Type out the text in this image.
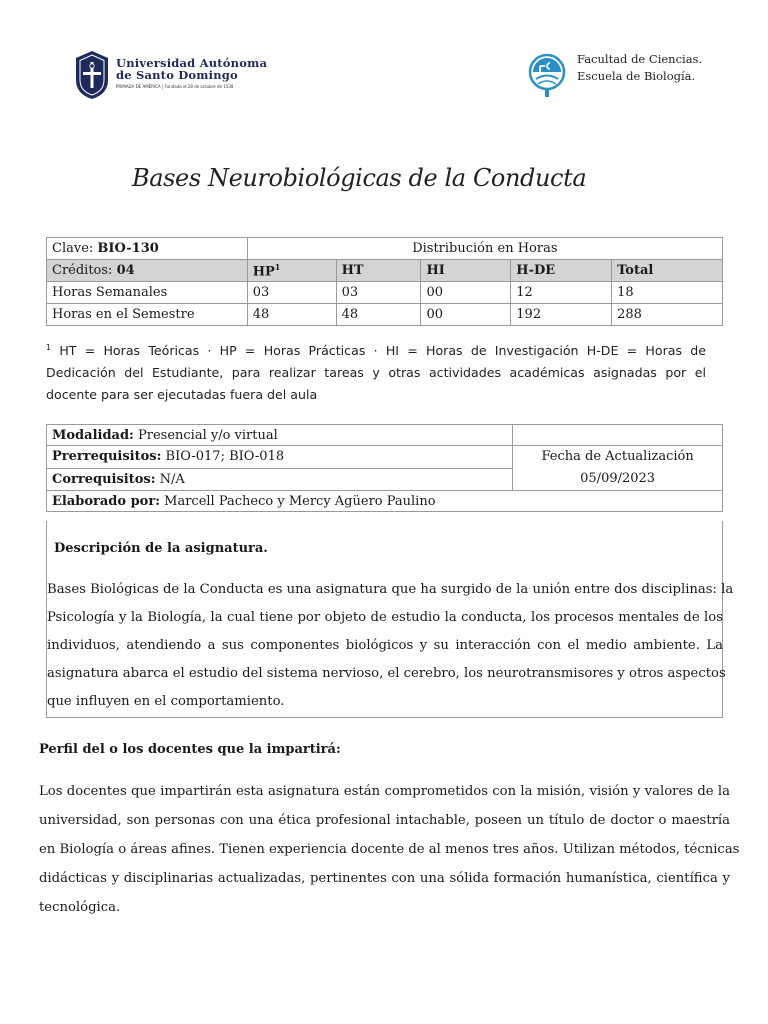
Universidad Autónoma
de Santo Domingo
PRIMADA DE AMÉRICA | Fundada el 28 de octubre de 1538
Facultad de Ciencias.
Escuela de Biología.
Bases Neurobiológicas de la Conducta
Clave: BIO-130	Distribución en Horas				
Créditos: 04	$HP^1$	HT	HI	H-DE	Total
Horas Semanales	03	03	00	12	18
Horas en el Semestre	48	48	00	192	288
$^1$ HT = Horas Teóricas · HP = Horas Prácticas · HI = Horas de Investigación H-DE = Horas de
Dedicación del Estudiante, para realizar tareas y otras actividades académicas asignadas por el
docente para ser ejecutadas fuera del aula
Modalidad: Presencial y/o virtual	
Prerrequisitos: BIO-017; BIO-018	Fecha de Actualización
05/09/2023

Correquisitos: N/A	
Elaborado por: Marcell Pacheco y Mercy Agüero Paulino	
Descripción de la asignatura.
Bases Biológicas de la Conducta es una asignatura que ha surgido de la unión entre dos disciplinas: la
Psicología y la Biología, la cual tiene por objeto de estudio la conducta, los procesos mentales de los
individuos, atendiendo a sus componentes biológicos y su interacción con el medio ambiente. La
asignatura abarca el estudio del sistema nervioso, el cerebro, los neurotransmisores y otros aspectos
que influyen en el comportamiento.
Perfil del o los docentes que la impartirá:
Los docentes que impartirán esta asignatura están comprometidos con la misión, visión y valores de la
universidad, son personas con una ética profesional intachable, poseen un título de doctor o maestría
en Biología o áreas afines. Tienen experiencia docente de al menos tres años. Utilizan métodos, técnicas
didácticas y disciplinarias actualizadas, pertinentes con una sólida formación humanística, científica y
tecnológica.
